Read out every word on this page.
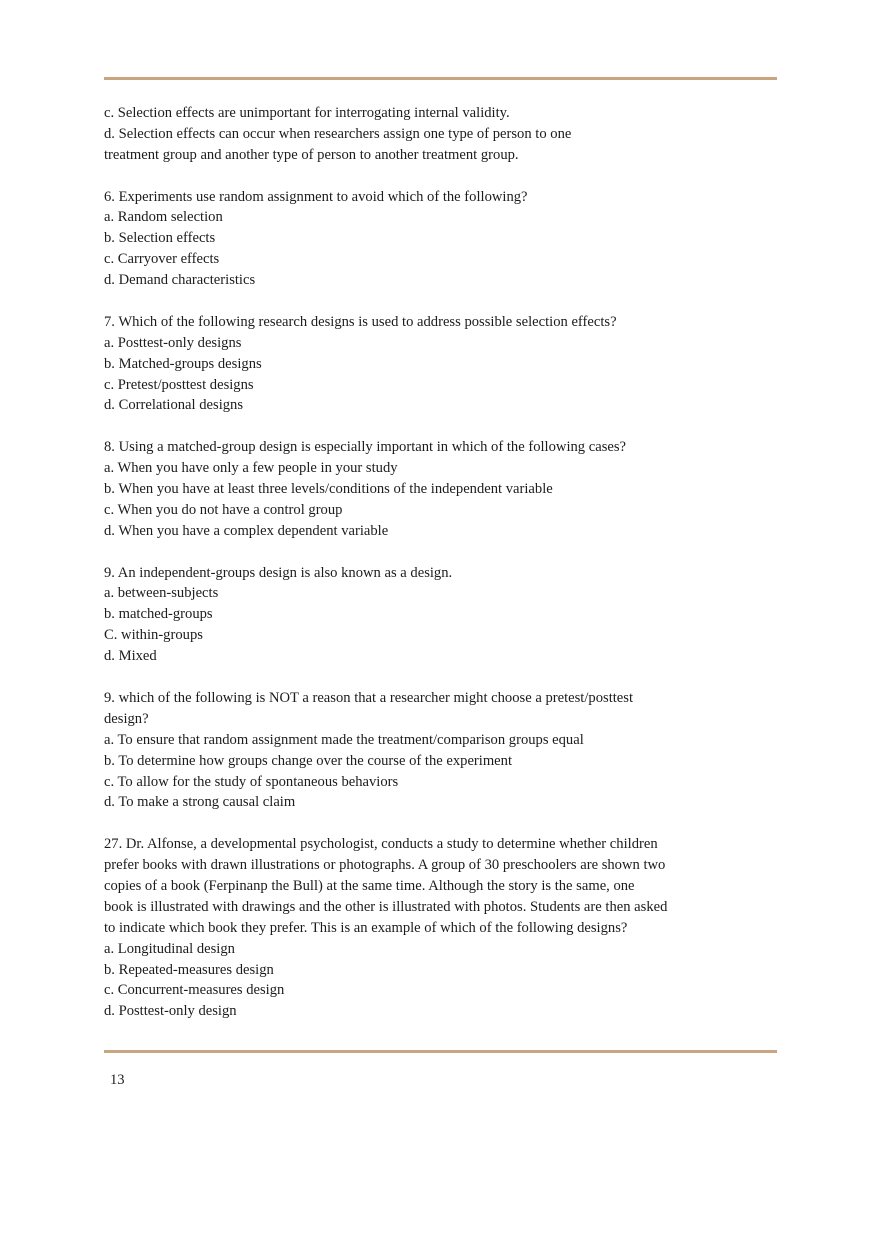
c. Selection effects are unimportant for interrogating internal validity.
d. Selection effects can occur when researchers assign one type of person to one
treatment group and another type of person to another treatment group.
6. Experiments use random assignment to avoid which of the following?
a. Random selection
b. Selection effects
c. Carryover effects
d. Demand characteristics
7. Which of the following research designs is used to address possible selection effects?
a. Posttest-only designs
b. Matched-groups designs
c. Pretest/posttest designs
d. Correlational designs
8. Using a matched-group design is especially important in which of the following cases?
a. When you have only a few people in your study
b. When you have at least three levels/conditions of the independent variable
c. When you do not have a control group
d. When you have a complex dependent variable
9. An independent-groups design is also known as a design.
a. between-subjects
b. matched-groups
C. within-groups
d. Mixed
9. which of the following is NOT a reason that a researcher might choose a pretest/posttest
design?
a. To ensure that random assignment made the treatment/comparison groups equal
b. To determine how groups change over the course of the experiment
c. To allow for the study of spontaneous behaviors
d. To make a strong causal claim
27. Dr. Alfonse, a developmental psychologist, conducts a study to determine whether children
prefer books with drawn illustrations or photographs. A group of 30 preschoolers are shown two
copies of a book (Ferpinanp the Bull) at the same time. Although the story is the same, one
book is illustrated with drawings and the other is illustrated with photos. Students are then asked
to indicate which book they prefer. This is an example of which of the following designs?
a. Longitudinal design
b. Repeated-measures design
c. Concurrent-measures design
d. Posttest-only design
13
